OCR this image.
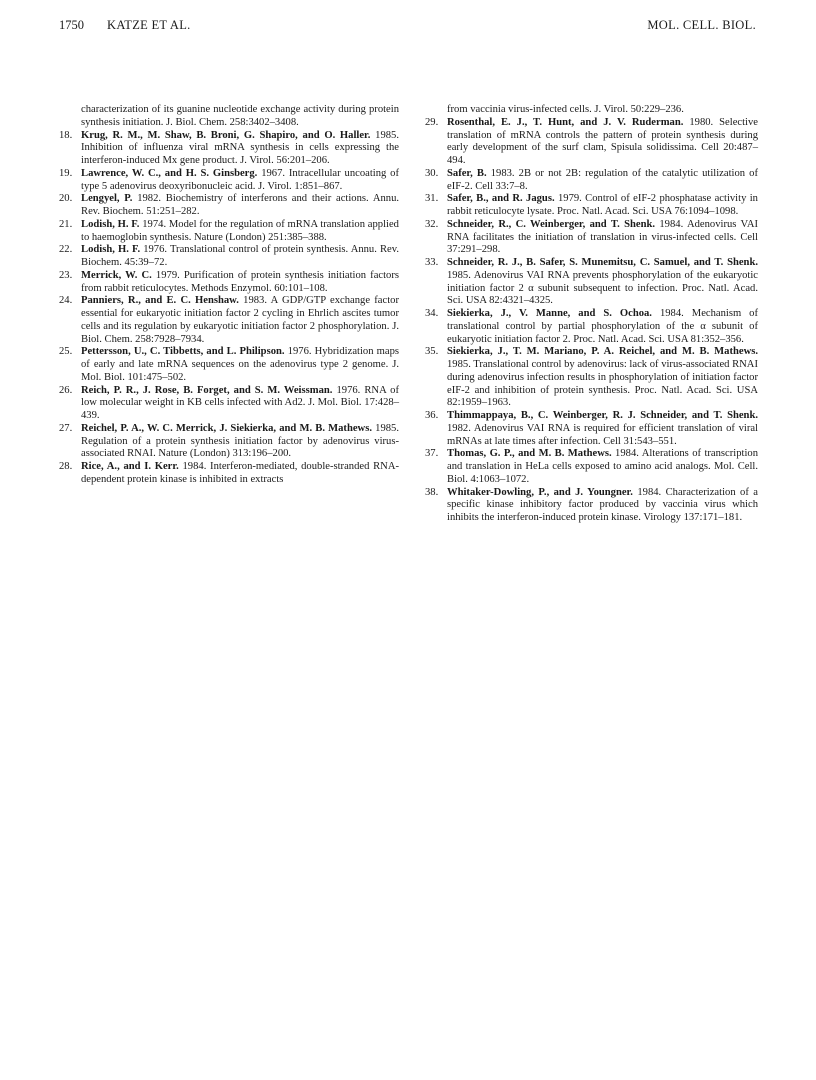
1750 KATZE ET AL.	MOL. CELL. BIOL.
characterization of its guanine nucleotide exchange activity during protein synthesis initiation. J. Biol. Chem. 258:3402–3408.
18. Krug, R. M., M. Shaw, B. Broni, G. Shapiro, and O. Haller. 1985. Inhibition of influenza viral mRNA synthesis in cells expressing the interferon-induced Mx gene product. J. Virol. 56:201–206.
19. Lawrence, W. C., and H. S. Ginsberg. 1967. Intracellular uncoating of type 5 adenovirus deoxyribonucleic acid. J. Virol. 1:851–867.
20. Lengyel, P. 1982. Biochemistry of interferons and their actions. Annu. Rev. Biochem. 51:251–282.
21. Lodish, H. F. 1974. Model for the regulation of mRNA translation applied to haemoglobin synthesis. Nature (London) 251:385–388.
22. Lodish, H. F. 1976. Translational control of protein synthesis. Annu. Rev. Biochem. 45:39–72.
23. Merrick, W. C. 1979. Purification of protein synthesis initiation factors from rabbit reticulocytes. Methods Enzymol. 60:101–108.
24. Panniers, R., and E. C. Henshaw. 1983. A GDP/GTP exchange factor essential for eukaryotic initiation factor 2 cycling in Ehrlich ascites tumor cells and its regulation by eukaryotic initiation factor 2 phosphorylation. J. Biol. Chem. 258:7928–7934.
25. Pettersson, U., C. Tibbetts, and L. Philipson. 1976. Hybridization maps of early and late mRNA sequences on the adenovirus type 2 genome. J. Mol. Biol. 101:475–502.
26. Reich, P. R., J. Rose, B. Forget, and S. M. Weissman. 1976. RNA of low molecular weight in KB cells infected with Ad2. J. Mol. Biol. 17:428–439.
27. Reichel, P. A., W. C. Merrick, J. Siekierka, and M. B. Mathews. 1985. Regulation of a protein synthesis initiation factor by adenovirus virus-associated RNAI. Nature (London) 313:196–200.
28. Rice, A., and I. Kerr. 1984. Interferon-mediated, double-stranded RNA-dependent protein kinase is inhibited in extracts
from vaccinia virus-infected cells. J. Virol. 50:229–236.
29. Rosenthal, E. J., T. Hunt, and J. V. Ruderman. 1980. Selective translation of mRNA controls the pattern of protein synthesis during early development of the surf clam, Spisula solidissima. Cell 20:487–494.
30. Safer, B. 1983. 2B or not 2B: regulation of the catalytic utilization of eIF-2. Cell 33:7–8.
31. Safer, B., and R. Jagus. 1979. Control of eIF-2 phosphatase activity in rabbit reticulocyte lysate. Proc. Natl. Acad. Sci. USA 76:1094–1098.
32. Schneider, R., C. Weinberger, and T. Shenk. 1984. Adenovirus VAI RNA facilitates the initiation of translation in virus-infected cells. Cell 37:291–298.
33. Schneider, R. J., B. Safer, S. Munemitsu, C. Samuel, and T. Shenk. 1985. Adenovirus VAI RNA prevents phosphorylation of the eukaryotic initiation factor 2 α subunit subsequent to infection. Proc. Natl. Acad. Sci. USA 82:4321–4325.
34. Siekierka, J., V. Manne, and S. Ochoa. 1984. Mechanism of translational control by partial phosphorylation of the α subunit of eukaryotic initiation factor 2. Proc. Natl. Acad. Sci. USA 81:352–356.
35. Siekierka, J., T. M. Mariano, P. A. Reichel, and M. B. Mathews. 1985. Translational control by adenovirus: lack of virus-associated RNAI during adenovirus infection results in phosphorylation of initiation factor eIF-2 and inhibition of protein synthesis. Proc. Natl. Acad. Sci. USA 82:1959–1963.
36. Thimmappaya, B., C. Weinberger, R. J. Schneider, and T. Shenk. 1982. Adenovirus VAI RNA is required for efficient translation of viral mRNAs at late times after infection. Cell 31:543–551.
37. Thomas, G. P., and M. B. Mathews. 1984. Alterations of transcription and translation in HeLa cells exposed to amino acid analogs. Mol. Cell. Biol. 4:1063–1072.
38. Whitaker-Dowling, P., and J. Youngner. 1984. Characterization of a specific kinase inhibitory factor produced by vaccinia virus which inhibits the interferon-induced protein kinase. Virology 137:171–181.
